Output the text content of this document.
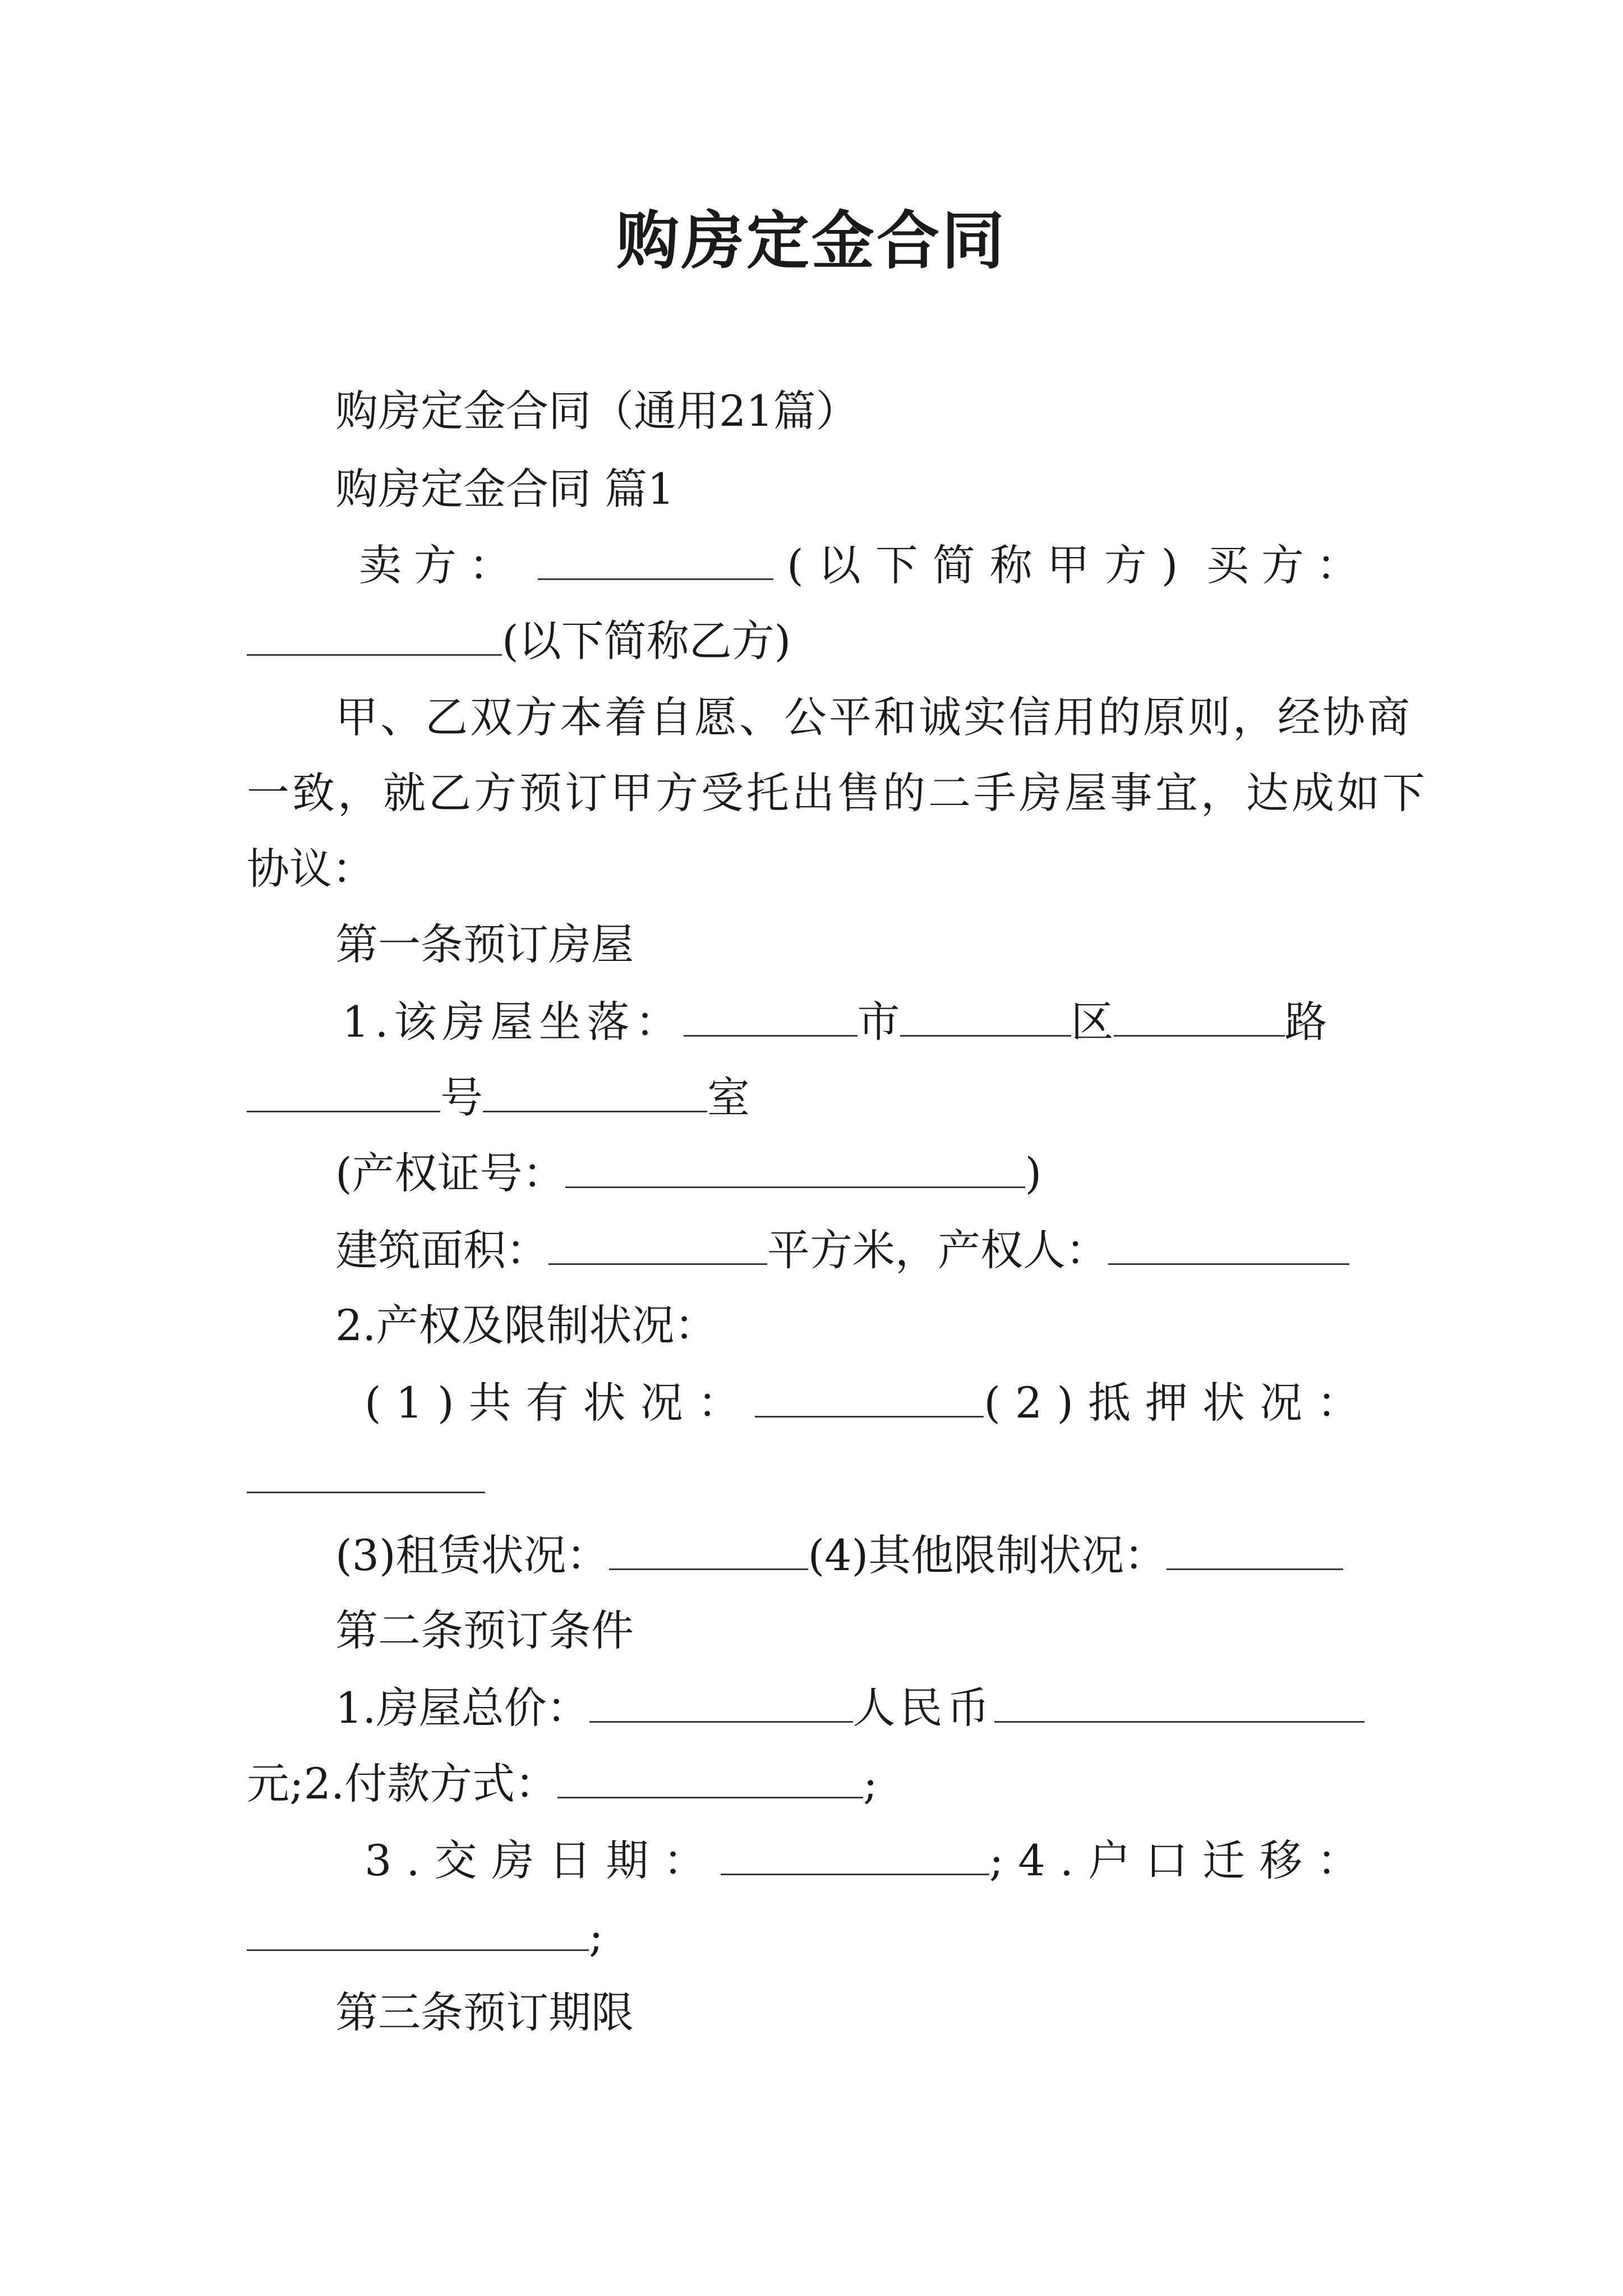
购房定金合同
购房定金合同（通用21篇）
购房定金合同 篇1
卖方：	(以下简称甲方) 买方：
(以下简称乙方)
甲、乙双方本着自愿、公平和诚实信用的原则，经协商
一致，就乙方预订甲方受托出售的二手房屋事宜，达成如下
协议：
第一条预订房屋
1.该房屋坐落：	市	区	路
号	室
(产权证号：	)
建筑面积：	平方米，产权人：
2.产权及限制状况：
(1)共有状况：	(2)抵押状况：
(3)租赁状况：	(4)其他限制状况：
第二条预订条件
1.房屋总价：	人民币
元;2.付款方式：	;
3.交房日期：	;4.户口迁移：
;
第三条预订期限
